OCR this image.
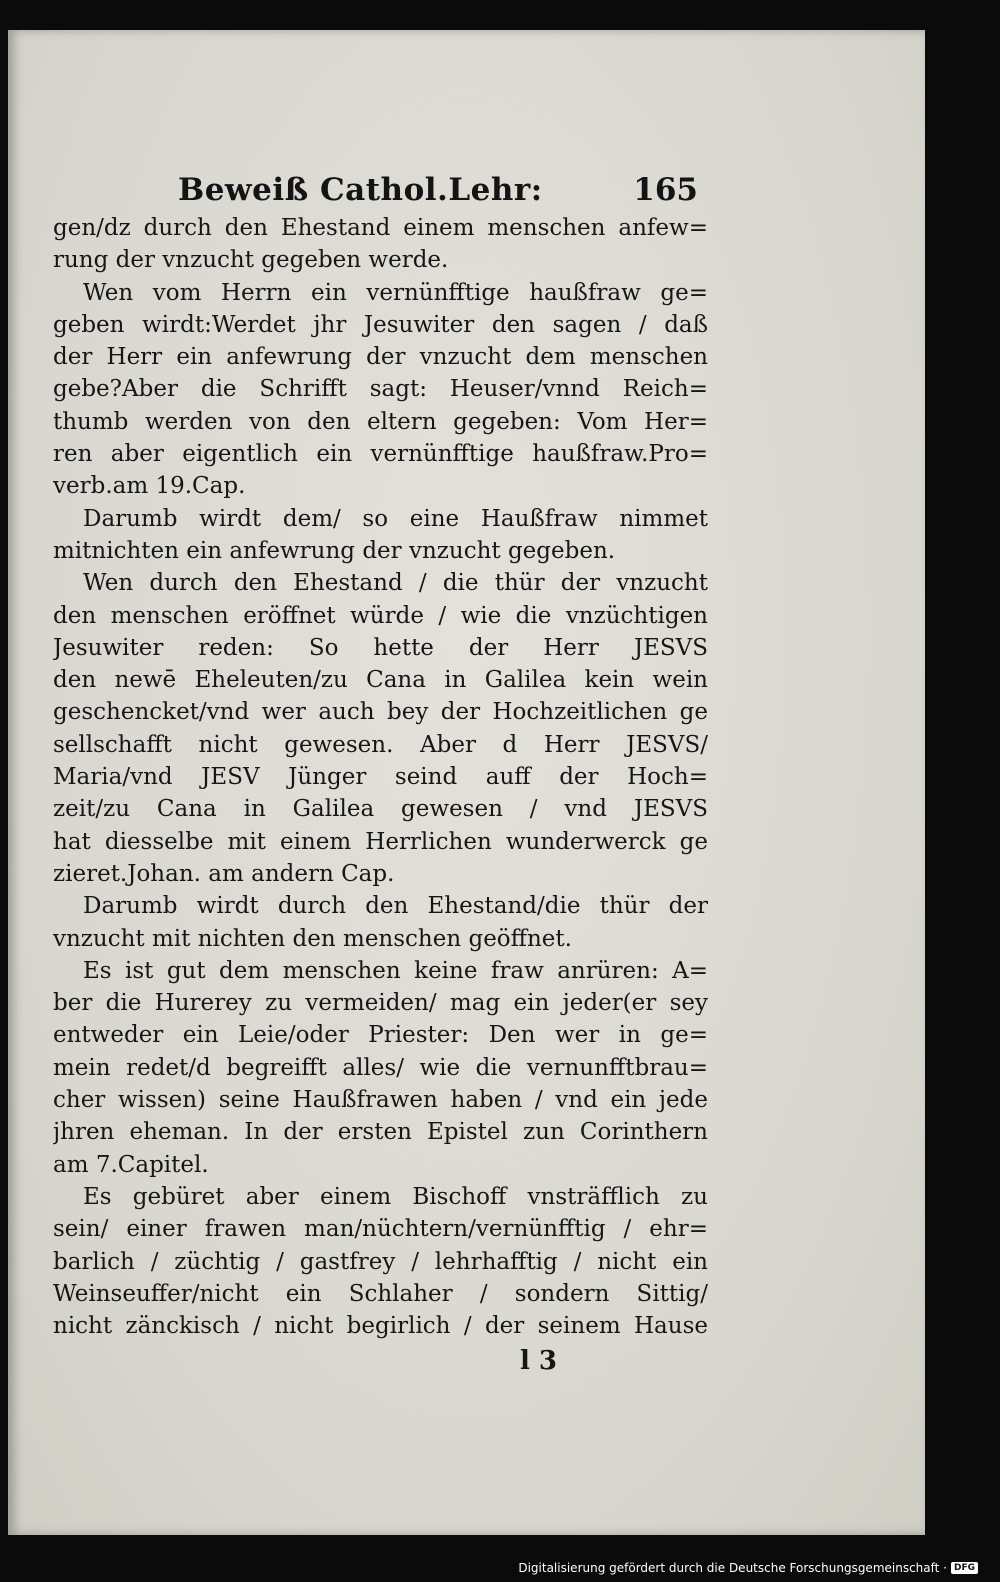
Beweiß Cathol.Lehr:	165
gen/dz durch den Ehestand einem menschen anfew=
rung der vnzucht gegeben werde.
Wen vom Herrn ein vernünfftige haußfraw ge=
geben wirdt:Werdet jhr Jesuwiter den sagen / daß
der Herr ein anfewrung der vnzucht dem menschen
gebe?Aber die Schrifft sagt: Heuser/vnnd Reich=
thumb werden von den eltern gegeben: Vom Her=
ren aber eigentlich ein vernünfftige haußfraw.Pro=
verb.am 19.Cap.
Darumb wirdt dem/ so eine Haußfraw nimmet
mitnichten ein anfewrung der vnzucht gegeben.
Wen durch den Ehestand / die thür der vnzucht
den menschen eröffnet würde / wie die vnzüchtigen
Jesuwiter reden: So hette der Herr JESVS
den newē Eheleuten/zu Cana in Galilea kein wein
geschencket/vnd wer auch bey der Hochzeitlichen ge
sellschafft nicht gewesen. Aber d Herr JESVS/
Maria/vnd JESV Jünger seind auff der Hoch=
zeit/zu Cana in Galilea gewesen / vnd JESVS
hat diesselbe mit einem Herrlichen wunderwerck ge
zieret.Johan. am andern Cap.
Darumb wirdt durch den Ehestand/die thür der
vnzucht mit nichten den menschen geöffnet.
Es ist gut dem menschen keine fraw anrüren: A=
ber die Hurerey zu vermeiden/ mag ein jeder(er sey
entweder ein Leie/oder Priester: Den wer in ge=
mein redet/d begreifft alles/ wie die vernunfftbrau=
cher wissen) seine Haußfrawen haben / vnd ein jede
jhren eheman. In der ersten Epistel zun Corinthern
am 7.Capitel.
Es gebüret aber einem Bischoff vnsträfflich zu
sein/ einer frawen man/nüchtern/vernünfftig / ehr=
barlich / züchtig / gastfrey / lehrhafftig / nicht ein
Weinseuffer/nicht ein Schlaher / sondern Sittig/
nicht zänckisch / nicht begirlich / der seinem Hause
l 3
Digitalisierung gefördert durch die Deutsche Forschungsgemeinschaft · DFG
